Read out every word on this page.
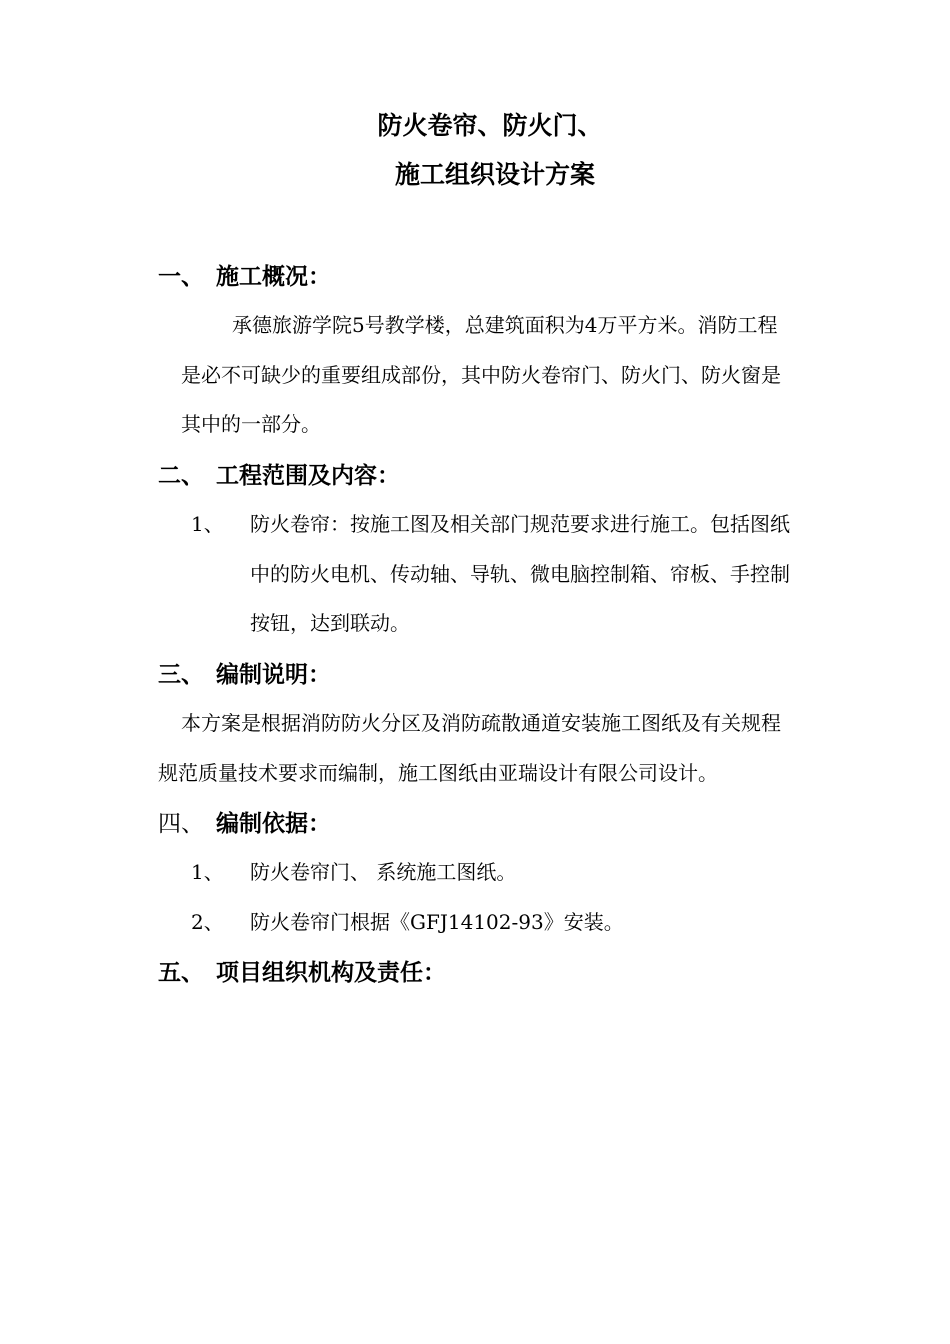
防火卷帘、防火门、
施工组织设计方案
一、 施工概况：
承德旅游学院5号教学楼，总建筑面积为4万平方米。消防工程
是必不可缺少的重要组成部份，其中防火卷帘门、防火门、防火窗是
其中的一部分。
二、 工程范围及内容：
1、 防火卷帘：按施工图及相关部门规范要求进行施工。包括图纸
中的防火电机、传动轴、导轨、微电脑控制箱、帘板、手控制
按钮，达到联动。
三、 编制说明：
本方案是根据消防防火分区及消防疏散通道安装施工图纸及有关规程
规范质量技术要求而编制，施工图纸由亚瑞设计有限公司设计。
四、 编制依据：
1、 防火卷帘门、 系统施工图纸。
2、 防火卷帘门根据《GFJ14102-93》安装。
五、 项目组织机构及责任：
